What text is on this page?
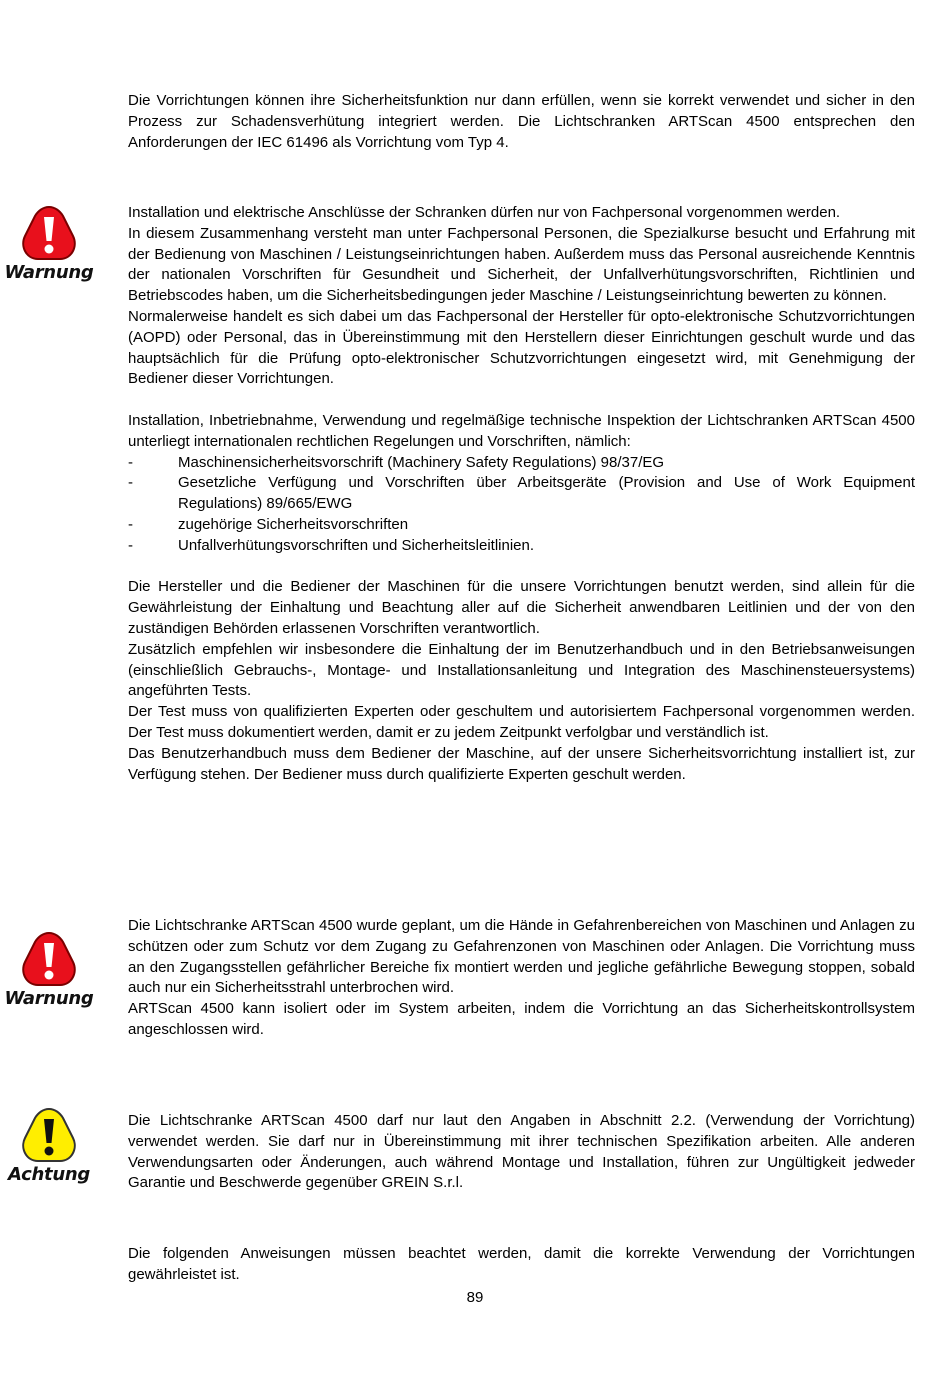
Die Vorrichtungen können ihre Sicherheitsfunktion nur dann erfüllen, wenn sie korrekt verwendet und sicher in den Prozess zur Schadensverhütung integriert werden. Die Lichtschranken ARTScan 4500 entsprechen den Anforderungen der IEC 61496 als Vorrichtung vom Typ 4.

Warnung

Installation und elektrische Anschlüsse der Schranken dürfen nur von Fachpersonal vorgenommen werden.

In diesem Zusammenhang versteht man unter Fachpersonal Personen, die Spezialkurse besucht und Erfahrung mit der Bedienung von Maschinen / Leistungseinrichtungen haben. Außerdem muss das Personal ausreichende Kenntnis der nationalen Vorschriften für Gesundheit und Sicherheit, der Unfallverhütungsvorschriften, Richtlinien und Betriebscodes haben, um die Sicherheitsbedingungen jeder Maschine / Leistungseinrichtung bewerten zu können.

Normalerweise handelt es sich dabei um das Fachpersonal der Hersteller für opto-elektronische Schutzvorrichtungen (AOPD) oder Personal, das in Übereinstimmung mit den Herstellern dieser Einrichtungen geschult wurde und das hauptsächlich für die Prüfung opto-elektronischer Schutzvorrichtungen eingesetzt wird, mit Genehmigung der Bediener dieser Vorrichtungen.

Installation, Inbetriebnahme, Verwendung und regelmäßige technische Inspektion der Lichtschranken ARTScan 4500 unterliegt internationalen rechtlichen Regelungen und Vorschriften, nämlich:

-	Maschinensicherheitsvorschrift (Machinery Safety Regulations) 98/37/EG
-	Gesetzliche Verfügung und Vorschriften über Arbeitsgeräte (Provision and Use of Work Equipment Regulations) 89/665/EWG
-	zugehörige Sicherheitsvorschriften
-	Unfallverhütungsvorschriften und Sicherheitsleitlinien.

Die Hersteller und die Bediener der Maschinen für die unsere Vorrichtungen benutzt werden, sind allein für die Gewährleistung der Einhaltung und Beachtung aller auf die Sicherheit anwendbaren Leitlinien und der von den zuständigen Behörden erlassenen Vorschriften verantwortlich.

Zusätzlich empfehlen wir insbesondere die Einhaltung der im Benutzerhandbuch und in den Betriebsanweisungen (einschließlich Gebrauchs-, Montage- und Installationsanleitung und Integration des Maschinensteuersystems) angeführten Tests.

Der Test muss von qualifizierten Experten oder geschultem und autorisiertem Fachpersonal vorgenommen werden. Der Test muss dokumentiert werden, damit er zu jedem Zeitpunkt verfolgbar und verständlich ist.

Das Benutzerhandbuch muss dem Bediener der Maschine, auf der unsere Sicherheitsvorrichtung installiert ist, zur Verfügung stehen. Der Bediener muss durch qualifizierte Experten geschult werden.

Warnung

Die Lichtschranke ARTScan 4500 wurde geplant, um die Hände in Gefahrenbereichen von Maschinen und Anlagen zu schützen oder zum Schutz vor dem Zugang zu Gefahrenzonen von Maschinen oder Anlagen. Die Vorrichtung muss an den Zugangsstellen gefährlicher Bereiche fix montiert werden und jegliche gefährliche Bewegung stoppen, sobald auch nur ein Sicherheitsstrahl unterbrochen wird.

ARTScan 4500 kann isoliert oder im System arbeiten, indem die Vorrichtung an das Sicherheitskontrollsystem angeschlossen wird.

Achtung

Die Lichtschranke ARTScan 4500 darf nur laut den Angaben in Abschnitt 2.2. (Verwendung der Vorrichtung) verwendet werden. Sie darf nur in Übereinstimmung mit ihrer technischen Spezifikation arbeiten. Alle anderen Verwendungsarten oder Änderungen, auch während Montage und Installation, führen zur Ungültigkeit jedweder Garantie und Beschwerde gegenüber GREIN S.r.l.

Die folgenden Anweisungen müssen beachtet werden, damit die korrekte Verwendung der Vorrichtungen gewährleistet ist.

89
